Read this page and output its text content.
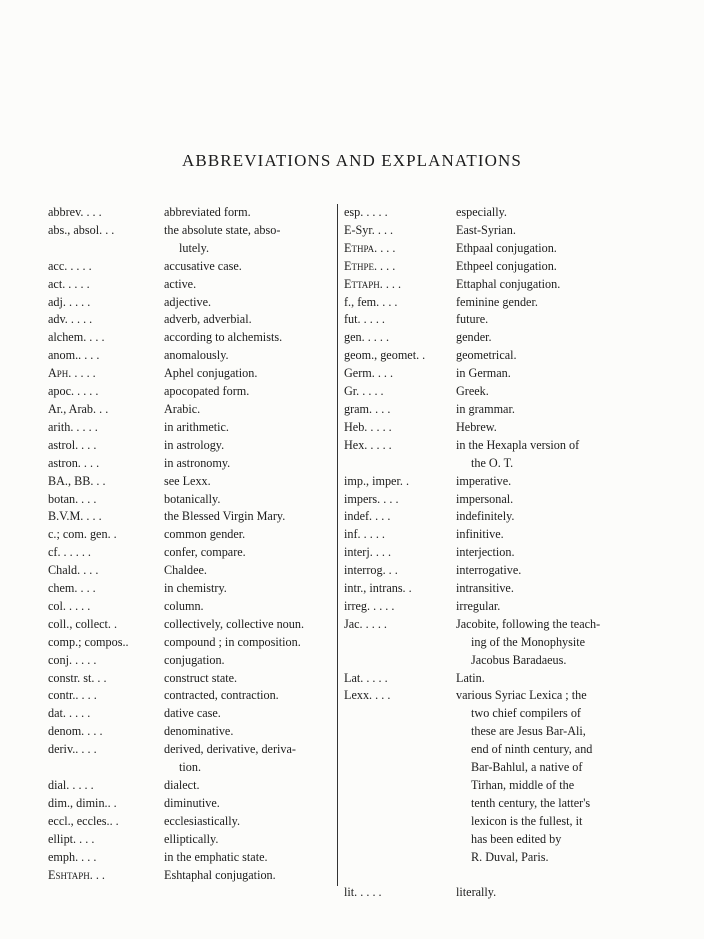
ABBREVIATIONS AND EXPLANATIONS
abbrev. . . .	abbreviated form.
abs., absol. . .	the absolute state, abso-
lutely.
acc. . . . .	accusative case.
act. . . . .	active.
adj. . . . .	adjective.
adv. . . . .	adverb, adverbial.
alchem. . . .	according to alchemists.
anom.. . . .	anomalously.
Aph. . . . .	Aphel conjugation.
apoc. . . . .	apocopated form.
Ar., Arab. . .	Arabic.
arith. . . . .	in arithmetic.
astrol. . . .	in astrology.
astron. . . .	in astronomy.
BA., BB. . .	see Lexx.
botan. . . .	botanically.
B.V.M. . . .	the Blessed Virgin Mary.
c.; com. gen. .	common gender.
cf. . . . . .	confer, compare.
Chald. . . .	Chaldee.
chem. . . .	in chemistry.
col. . . . .	column.
coll., collect. .	collectively, collective noun.
comp.; compos..	compound ; in composition.
conj. . . . .	conjugation.
constr. st. . .	construct state.
contr.. . . .	contracted, contraction.
dat. . . . .	dative case.
denom. . . .	denominative.
deriv.. . . .	derived, derivative, deriva-
tion.
dial. . . . .	dialect.
dim., dimin.. .	diminutive.
eccl., eccles.. .	ecclesiastically.
ellipt. . . .	elliptically.
emph. . . .	in the emphatic state.
Eshtaph. . .	Eshtaphal conjugation.
esp. . . . .	especially.
E-Syr. . . .	East-Syrian.
Ethpa. . . .	Ethpaal conjugation.
Ethpe. . . .	Ethpeel conjugation.
Ettaph. . . .	Ettaphal conjugation.
f., fem. . . .	feminine gender.
fut. . . . .	future.
gen. . . . .	gender.
geom., geomet. .	geometrical.
Germ. . . .	in German.
Gr. . . . .	Greek.
gram. . . .	in grammar.
Heb. . . . .	Hebrew.
Hex. . . . .	in the Hexapla version of
the O. T.
imp., imper. .	imperative.
impers. . . .	impersonal.
indef. . . .	indefinitely.
inf. . . . .	infinitive.
interj. . . .	interjection.
interrog. . .	interrogative.
intr., intrans. .	intransitive.
irreg. . . . .	irregular.
Jac. . . . .	Jacobite, following the teach-
ing of the Monophysite
Jacobus Baradaeus.
Lat. . . . .	Latin.
Lexx. . . .	various Syriac Lexica ; the
two chief compilers of
these are Jesus Bar-Ali,
end of ninth century, and
Bar-Bahlul, a native of
Tirhan, middle of the
tenth century, the latter's
lexicon is the fullest, it
has been edited by
R. Duval, Paris.
lit. . . . .	literally.
